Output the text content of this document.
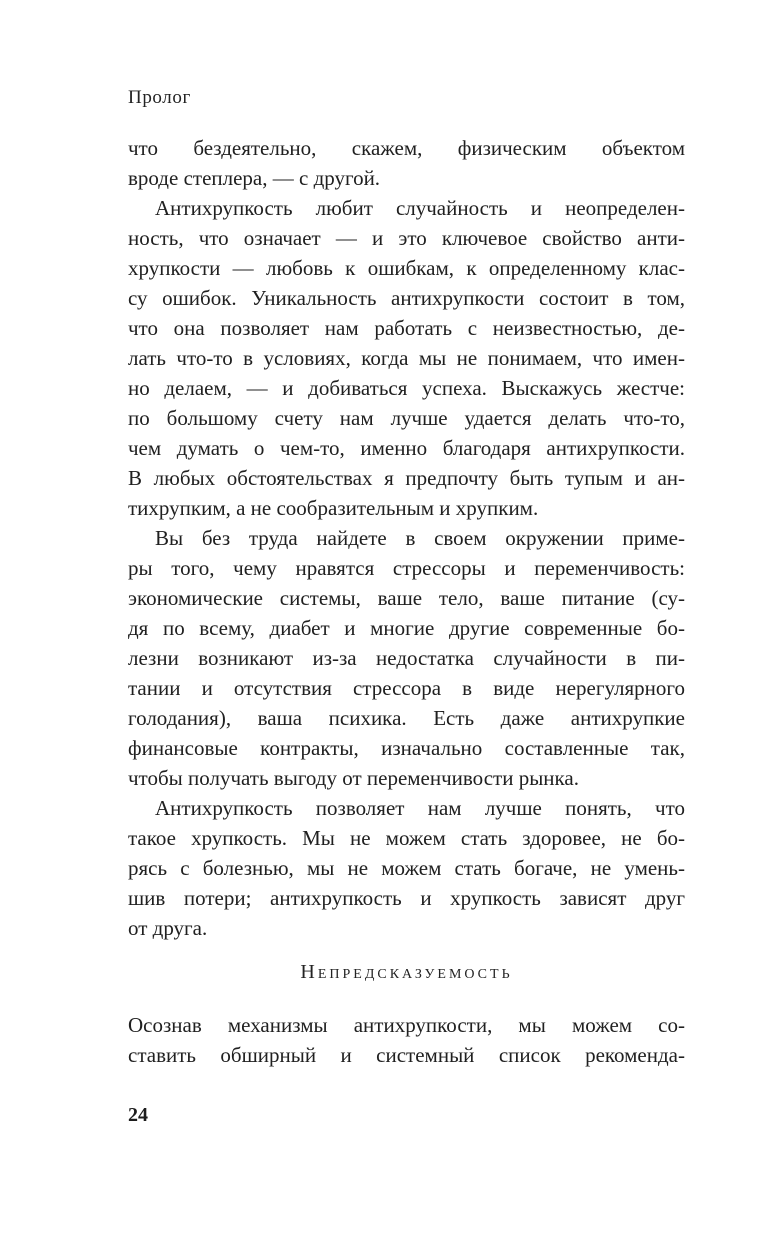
Пролог
что бездеятельно, скажем, физическим объектом
вроде степлера, — с другой.
Антихрупкость любит случайность и неопределен-
ность, что означает — и это ключевое свойство анти-
хрупкости — любовь к ошибкам, к определенному клас-
су ошибок. Уникальность антихрупкости состоит в том,
что она позволяет нам работать с неизвестностью, де-
лать что-то в условиях, когда мы не понимаем, что имен-
но делаем, — и добиваться успеха. Выскажусь жестче:
по большому счету нам лучше удается делать что-то,
чем думать о чем-то, именно благодаря антихрупкости.
В любых обстоятельствах я предпочту быть тупым и ан-
тихрупким, а не сообразительным и хрупким.
Вы без труда найдете в своем окружении приме-
ры того, чему нравятся стрессоры и переменчивость:
экономические системы, ваше тело, ваше питание (су-
дя по всему, диабет и многие другие современные бо-
лезни возникают из-за недостатка случайности в пи-
тании и отсутствия стрессора в виде нерегулярного
голодания), ваша психика. Есть даже антихрупкие
финансовые контракты, изначально составленные так,
чтобы получать выгоду от переменчивости рынка.
Антихрупкость позволяет нам лучше понять, что
такое хрупкость. Мы не можем стать здоровее, не бо-
рясь с болезнью, мы не можем стать богаче, не умень-
шив потери; антихрупкость и хрупкость зависят друг
от друга.
Непредсказуемость
Осознав механизмы антихрупкости, мы можем со-
ставить обширный и системный список рекоменда-
24
